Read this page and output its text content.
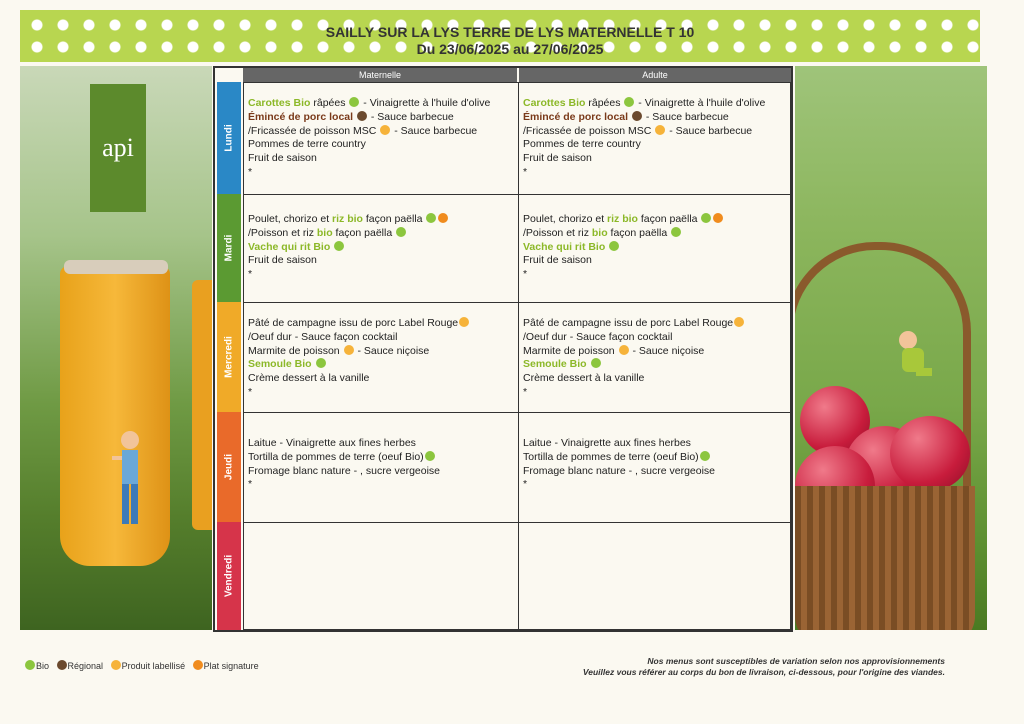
SAILLY SUR LA LYS TERRE DE LYS MATERNELLE T 10
Du 23/06/2025 au 27/06/2025
api
Maternelle	Adulte
Lundi
Mardi
Mercredi
Jeudi
Vendredi
Carottes Bio râpées  - Vinaigrette à l'huile d'olive
Émincé de porc local  - Sauce barbecue
/Fricassée de poisson MSC  - Sauce barbecue
Pommes de terre country
Fruit de saison
*
Carottes Bio râpées  - Vinaigrette à l'huile d'olive
Émincé de porc local  - Sauce barbecue
/Fricassée de poisson MSC  - Sauce barbecue
Pommes de terre country
Fruit de saison
*
Poulet, chorizo et riz bio façon paëlla
/Poisson et riz bio façon paëlla
Vache qui rit Bio
Fruit de saison
*
Poulet, chorizo et riz bio façon paëlla
/Poisson et riz bio façon paëlla
Vache qui rit Bio
Fruit de saison
*
Pâté de campagne issu de porc Label Rouge
/Oeuf dur - Sauce façon cocktail
Marmite de poisson  - Sauce niçoise
Semoule Bio
Crème dessert à la vanille
*
Pâté de campagne issu de porc Label Rouge
/Oeuf dur - Sauce façon cocktail
Marmite de poisson  - Sauce niçoise
Semoule Bio
Crème dessert à la vanille
*
Laitue - Vinaigrette aux fines herbes
Tortilla de pommes de terre (oeuf Bio)
Fromage blanc nature - , sucre vergeoise
*
Laitue - Vinaigrette aux fines herbes
Tortilla de pommes de terre (oeuf Bio)
Fromage blanc nature - , sucre vergeoise
*
Bio Régional Produit labellisé Plat signature	Nos menus sont susceptibles de variation selon nos approvisionnements
Veuillez vous référer au corps du bon de livraison, ci-dessous, pour l'origine des viandes.
